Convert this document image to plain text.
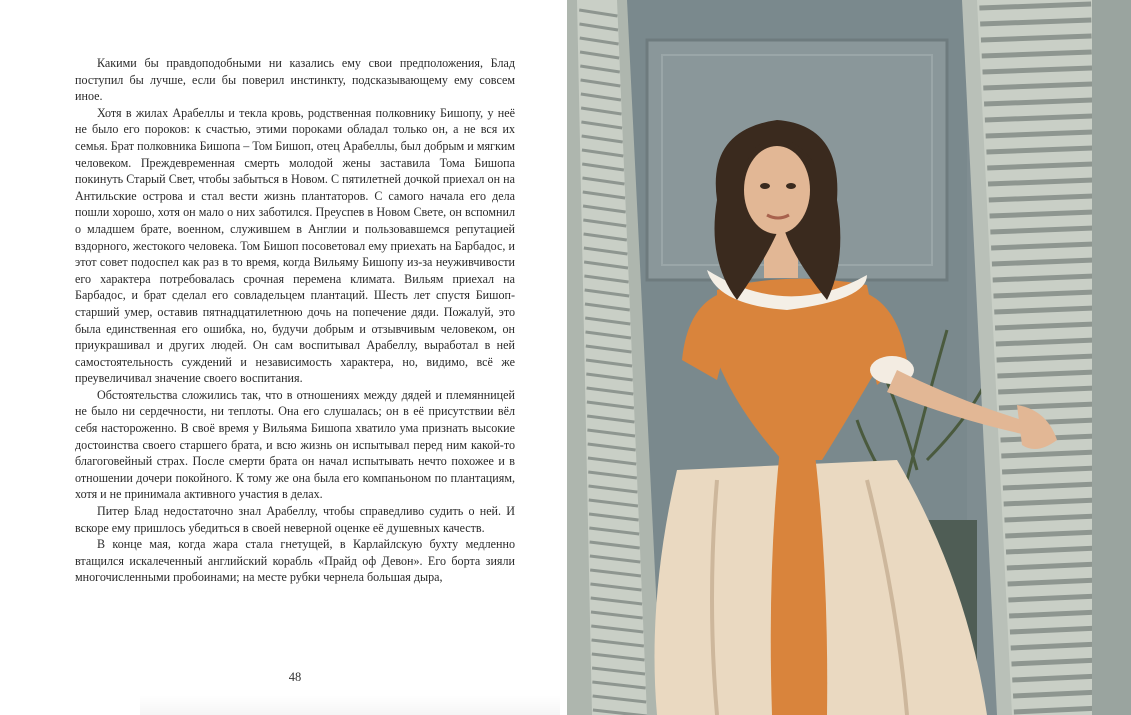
Какими бы правдоподобными ни казались ему свои предположения, Блад поступил бы лучше, если бы поверил инстинкту, подсказывающему ему совсем иное.

Хотя в жилах Арабеллы и текла кровь, родственная полковнику Бишопу, у неё не было его пороков: к счастью, этими пороками обладал только он, а не вся их семья. Брат полковника Бишопа – Том Бишоп, отец Арабеллы, был добрым и мягким человеком. Преждевременная смерть молодой жены заставила Тома Бишопа покинуть Старый Свет, чтобы забыться в Новом. С пятилетней дочкой приехал он на Антильские острова и стал вести жизнь плантаторов. С самого начала его дела пошли хорошо, хотя он мало о них заботился. Преуспев в Новом Свете, он вспомнил о младшем брате, военном, служившем в Англии и пользовавшемся репутацией вздорного, жестокого человека. Том Бишоп посоветовал ему приехать на Барбадос, и этот совет подоспел как раз в то время, когда Вильяму Бишопу из-за неуживчивости его характера потребовалась срочная перемена климата. Вильям приехал на Барбадос, и брат сделал его совладельцем плантаций. Шесть лет спустя Бишоп-старший умер, оставив пятнадцатилетнюю дочь на попечение дяди. Пожалуй, это была единственная его ошибка, но, будучи добрым и отзывчивым человеком, он приукрашивал и других людей. Он сам воспитывал Арабеллу, выработал в ней самостоятельность суждений и независимость характера, но, видимо, всё же преувеличивал значение своего воспитания.

Обстоятельства сложились так, что в отношениях между дядей и племянницей не было ни сердечности, ни теплоты. Она его слушалась; он в её присутствии вёл себя настороженно. В своё время у Вильяма Бишопа хватило ума признать высокие достоинства своего старшего брата, и всю жизнь он испытывал перед ним какой-то благоговейный страх. После смерти брата он начал испытывать нечто похожее и в отношении дочери покойного. К тому же она была его компаньоном по плантациям, хотя и не принимала активного участия в делах.

Питер Блад недостаточно знал Арабеллу, чтобы справедливо судить о ней. И вскоре ему пришлось убедиться в своей неверной оценке её душевных качеств.

В конце мая, когда жара стала гнетущей, в Карлайлскую бухту медленно втащился искалеченный английский корабль «Прайд оф Девон». Его борта зияли многочисленными пробоинами; на месте рубки чернела большая дыра,

48
